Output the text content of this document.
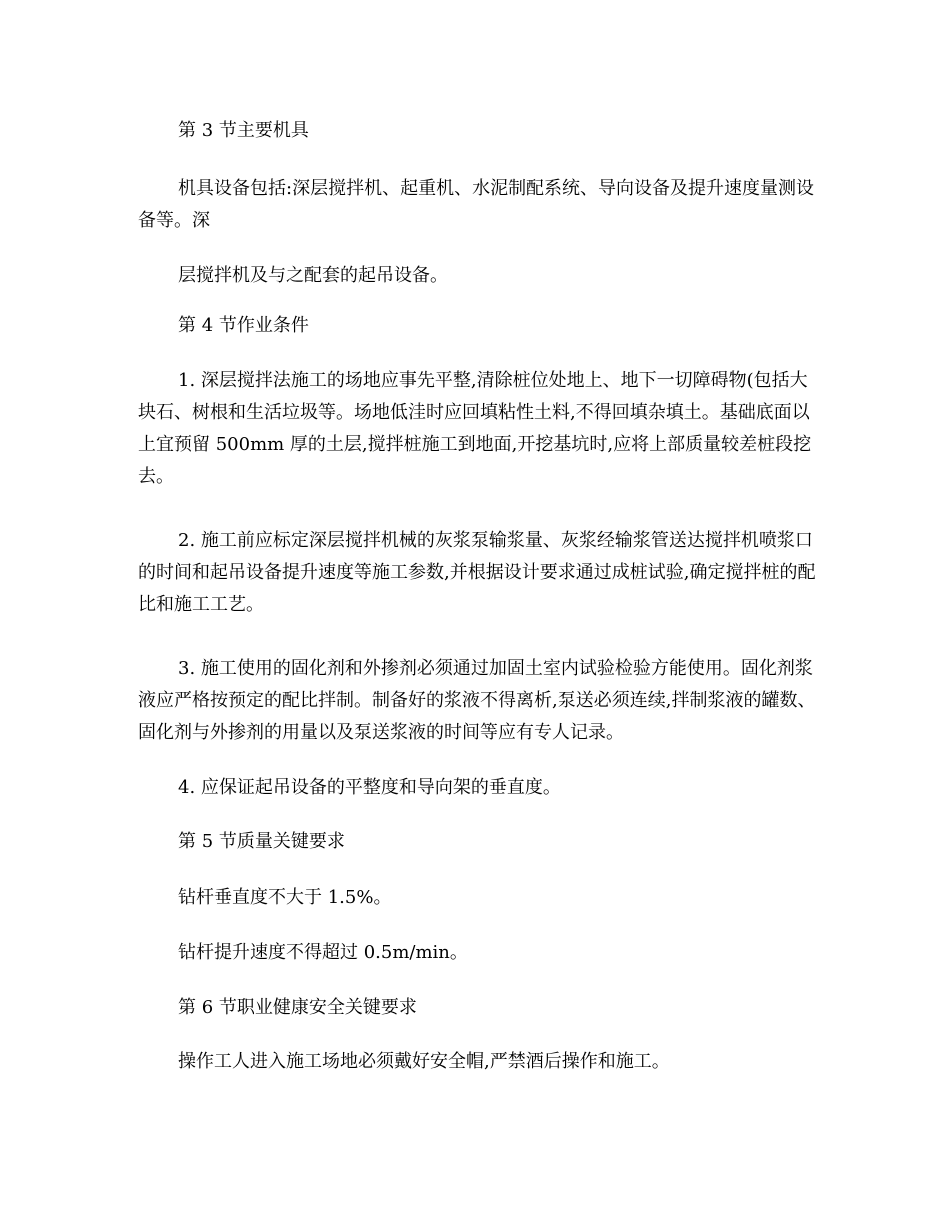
第 3 节主要机具

机具设备包括:深层搅拌机、起重机、水泥制配系统、导向设备及提升速度量测设备等。深

层搅拌机及与之配套的起吊设备。

第 4 节作业条件

1. 深层搅拌法施工的场地应事先平整,清除桩位处地上、地下一切障碍物(包括大块石、树根和生活垃圾等。场地低洼时应回填粘性土料,不得回填杂填土。基础底面以上宜预留 500mm 厚的土层,搅拌桩施工到地面,开挖基坑时,应将上部质量较差桩段挖去。

2. 施工前应标定深层搅拌机械的灰浆泵输浆量、灰浆经输浆管送达搅拌机喷浆口的时间和起吊设备提升速度等施工参数,并根据设计要求通过成桩试验,确定搅拌桩的配比和施工工艺。

3. 施工使用的固化剂和外掺剂必须通过加固土室内试验检验方能使用。固化剂浆液应严格按预定的配比拌制。制备好的浆液不得离析,泵送必须连续,拌制浆液的罐数、固化剂与外掺剂的用量以及泵送浆液的时间等应有专人记录。

4. 应保证起吊设备的平整度和导向架的垂直度。

第 5 节质量关键要求

钻杆垂直度不大于 1.5%。

钻杆提升速度不得超过 0.5m/min。

第 6 节职业健康安全关键要求

操作工人进入施工场地必须戴好安全帽,严禁酒后操作和施工。
